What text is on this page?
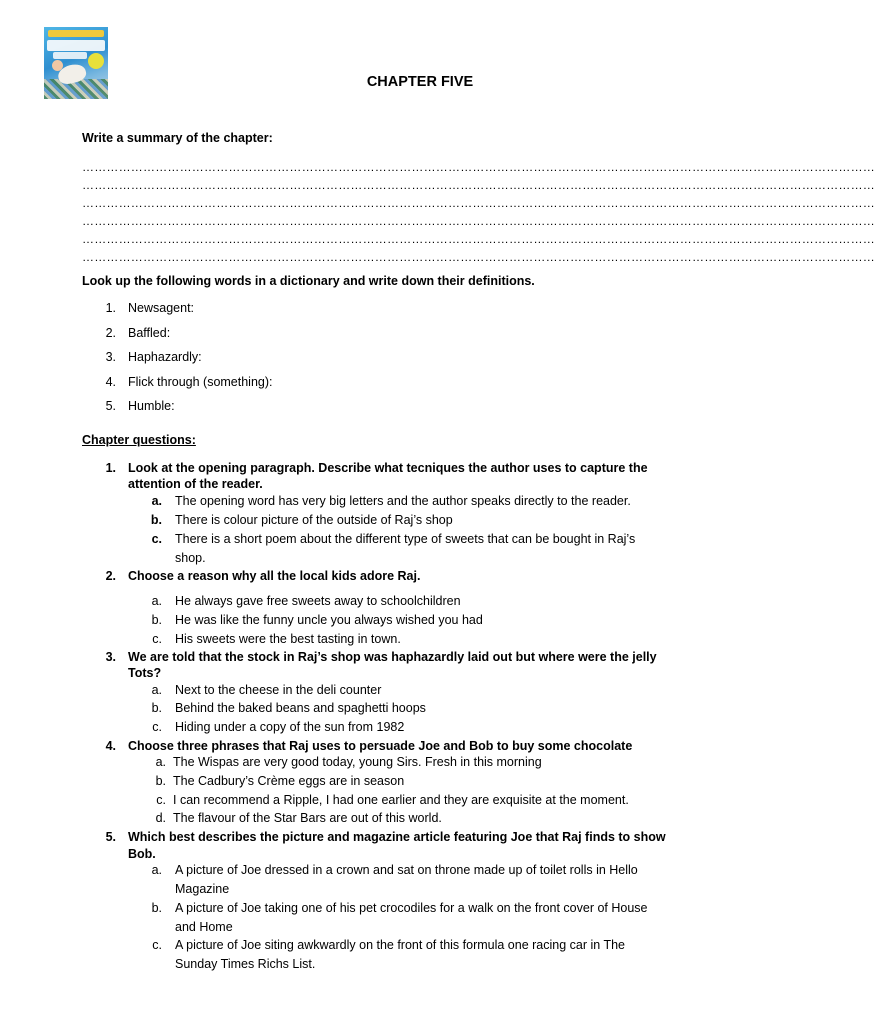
CHAPTER FIVE
Write a summary of the chapter:
……………………………………………………………………………………………………………………………………………………………………………
……………………………………………………………………………………………………………………………………………………………………………
……………………………………………………………………………………………………………………………………………………………………………
……………………………………………………………………………………………………………………………………………………………………………
……………………………………………………………………………………………………………………………………………………………………………
……………………………………………………………………………………………………………………………………………………………………………
Look up the following words in a dictionary and write down their definitions.
1. Newsagent:
2. Baffled:
3. Haphazardly:
4. Flick through (something):
5. Humble:
Chapter questions:
1. Look at the opening paragraph. Describe what tecniques the author uses to capture the
attention of the reader.
a. The opening word has very big letters and the author speaks directly to the reader.
b. There is colour picture of the outside of Raj’s shop
c. There is a short poem about the different type of sweets that can be bought in Raj’s
shop.
2. Choose a reason why all the local kids adore Raj.
a. He always gave free sweets away to schoolchildren
b. He was like the funny uncle you always wished you had
c. His sweets were the best tasting in town.
3. We are told that the stock in Raj’s shop was haphazardly laid out but where were the jelly
Tots?
a. Next to the cheese in the deli counter
b. Behind the baked beans and spaghetti hoops
c. Hiding under a copy of the sun from 1982
4. Choose three phrases that Raj uses to persuade Joe and Bob to buy some chocolate
a. The Wispas are very good today, young Sirs. Fresh in this morning
b. The Cadbury’s Crème eggs are in season
c. I can recommend a Ripple, I had one earlier and they are exquisite at the moment.
d. The flavour of the Star Bars are out of this world.
5. Which best describes the picture and magazine article featuring Joe that Raj finds to show
Bob.
a. A picture of Joe dressed in a crown and sat on throne made up of toilet rolls in Hello
Magazine
b. A picture of Joe taking one of his pet crocodiles for a walk on the front cover of House
and Home
c. A picture of Joe siting awkwardly on the front of this formula one racing car in The
Sunday Times Richs List.
